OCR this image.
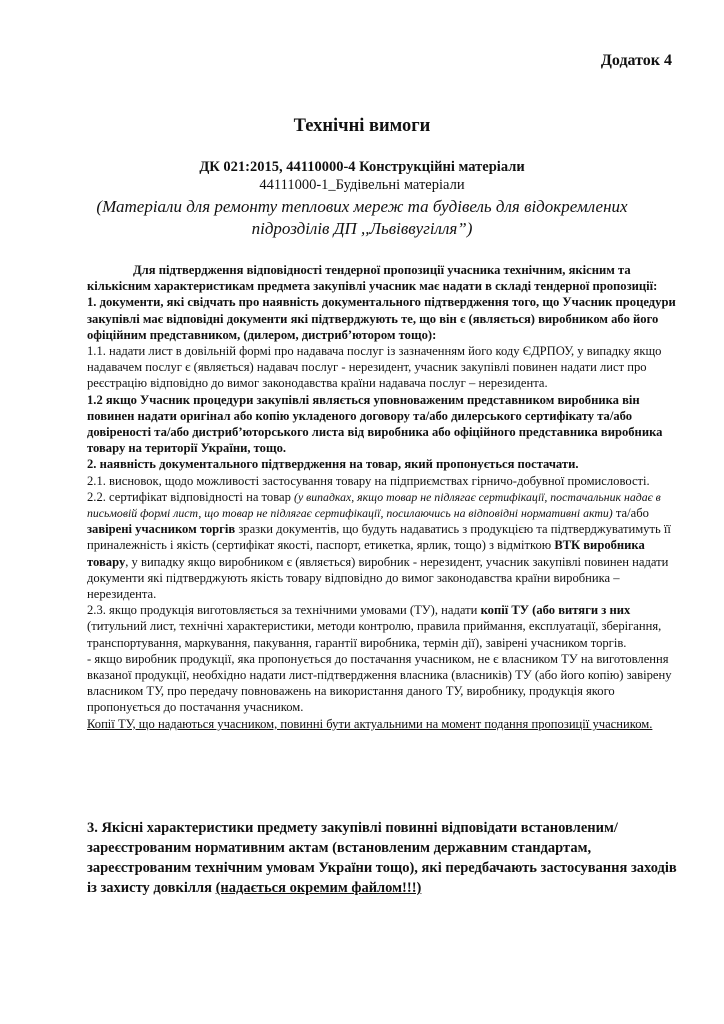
Додаток 4
Технічні вимоги
ДК 021:2015, 44110000-4 Конструкційні матеріали
44111000-1_Будівельні матеріали
(Матеріали для ремонту теплових мереж та будівель для відокремлених
підрозділів ДП ,,Львіввугілля”)

Для підтвердження відповідності тендерної пропозиції учасника технічним, якісним та кількісним характеристикам предмета закупівлі учасник має надати в складі тендерної пропозиції:

1. документи, які свідчать про наявність документального підтвердження того, що Учасник процедури закупівлі має відповідні документи які підтверджують те, що він є (являється) виробником або його офіційним представником, (дилером, дистриб’ютором тощо):

1.1. надати лист в довільній формі про надавача послуг із зазначенням його коду ЄДРПОУ, у випадку якщо надавачем послуг є (являється) надавач послуг - нерезидент, учасник закупівлі повинен надати лист про реєстрацію відповідно до вимог законодавства країни надавача послуг – нерезидента.

1.2 якщо Учасник процедури закупівлі являється уповноваженим представником виробника він повинен надати оригінал або копію укладеного договору та/або дилерського сертифікату та/або довіреності та/або дистриб’юторського листа від виробника або офіційного представника виробника товару на території України, тощо.

2. наявність документального підтвердження на товар, який пропонується постачати.

2.1. висновок, щодо можливості застосування товару на підприємствах гірничо-добувної промисловості.

2.2. сертифікат відповідності на товар (у випадках, якщо товар не підлягає сертифікації, постачальник надає в письмовій формі лист, що товар не підлягає сертифікації, посилаючись на відповідні нормативні акти) та/або завірені учасником торгів зразки документів, що будуть надаватись з продукцією та підтверджуватимуть її приналежність і якість (сертифікат якості, паспорт, етикетка, ярлик, тощо) з відміткою ВТК виробника товару, у випадку якщо виробником є (являється) виробник - нерезидент, учасник закупівлі повинен надати документи які підтверджують якість товару відповідно до вимог законодавства країни виробника – нерезидента.

2.3. якщо продукція виготовляється за технічними умовами (ТУ), надати копії ТУ (або витяги з них (титульний лист, технічні характеристики, методи контролю, правила приймання, експлуатації, зберігання, транспортування, маркування, пакування, гарантії виробника, термін дії), завірені учасником торгів.

- якщо виробник продукції, яка пропонується до постачання учасником, не є власником ТУ на виготовлення вказаної продукції, необхідно надати лист-підтвердження власника (власників) ТУ (або його копію) завірену власником ТУ, про передачу повноважень на використання даного ТУ, виробнику, продукція якого пропонується до постачання учасником.

Копії ТУ, що надаються учасником, повинні бути актуальними на момент подання пропозиції учасником.

3. Якісні характеристики предмету закупівлі повинні відповідати встановленим/зареєстрованим нормативним актам (встановленим державним стандартам, зареєстрованим технічним умовам України тощо), які передбачають застосування заходів із захисту довкілля (надається окремим файлом!!!)
